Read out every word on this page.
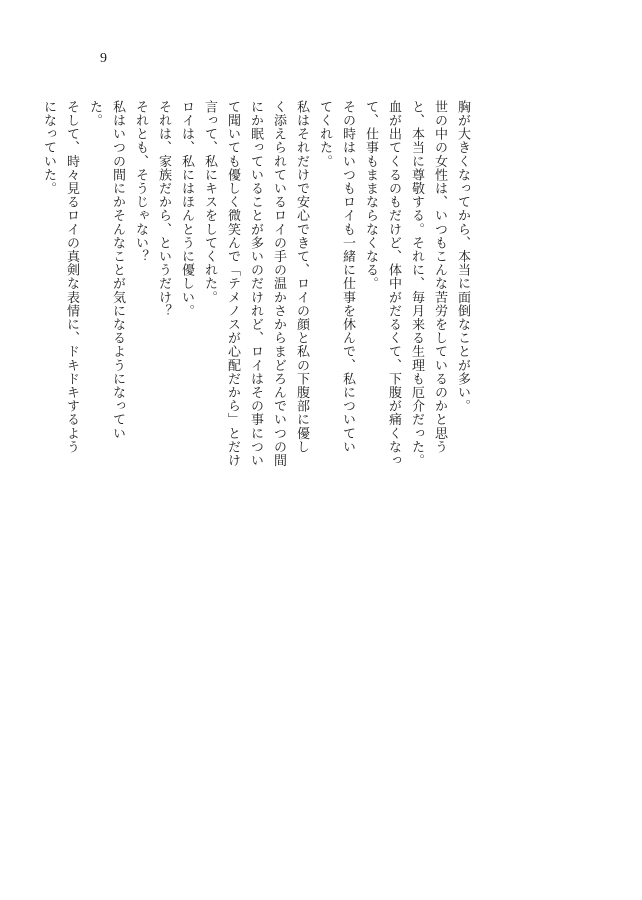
9
胸が大きくなってから、本当に面倒なことが多い。
世の中の女性は、いつもこんな苦労をしているのかと思う
と、本当に尊敬する。それに、毎月来る生理も厄介だった。
血が出てくるのもだけど、体中がだるくて、下腹が痛くなっ
て、仕事もままならなくなる。
その時はいつもロイも一緒に仕事を休んで、私についてい
てくれた。
私はそれだけで安心できて、ロイの顔と私の下腹部に優し
く添えられているロイの手の温かさからまどろんでいつの間
にか眠っていることが多いのだけれど、ロイはその事につい
て聞いても優しく微笑んで「テメノスが心配だから」とだけ
言って、私にキスをしてくれた。
ロイは、私にはほんとうに優しい。
それは、家族だから、というだけ？
それとも、そうじゃない？
私はいつの間にかそんなことが気になるようになってい
た。
そして、時々見るロイの真剣な表情に、ドキドキするよう
になっていた。
